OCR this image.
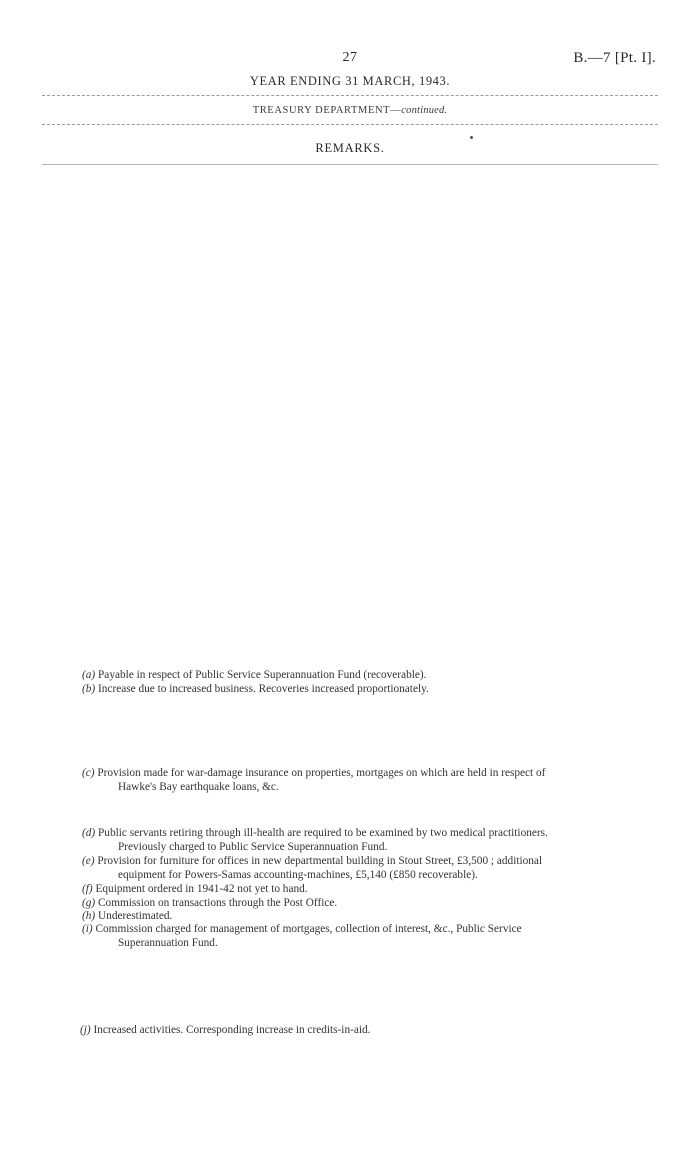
27	B.—7 [Pt. I].
YEAR ENDING 31 MARCH, 1943.
TREASURY DEPARTMENT—continued.
REMARKS.
(a) Payable in respect of Public Service Superannuation Fund (recoverable).
(b) Increase due to increased business. Recoveries increased proportionately.
(c) Provision made for war-damage insurance on properties, mortgages on which are held in respect of
Hawke's Bay earthquake loans, &c.
(d) Public servants retiring through ill-health are required to be examined by two medical practitioners.
Previously charged to Public Service Superannuation Fund.
(e) Provision for furniture for offices in new departmental building in Stout Street, £3,500 ; additional
equipment for Powers-Samas accounting-machines, £5,140 (£850 recoverable).
(f) Equipment ordered in 1941-42 not yet to hand.
(g) Commission on transactions through the Post Office.
(h) Underestimated.
(i) Commission charged for management of mortgages, collection of interest, &c., Public Service
Superannuation Fund.
(j) Increased activities. Corresponding increase in credits-in-aid.
